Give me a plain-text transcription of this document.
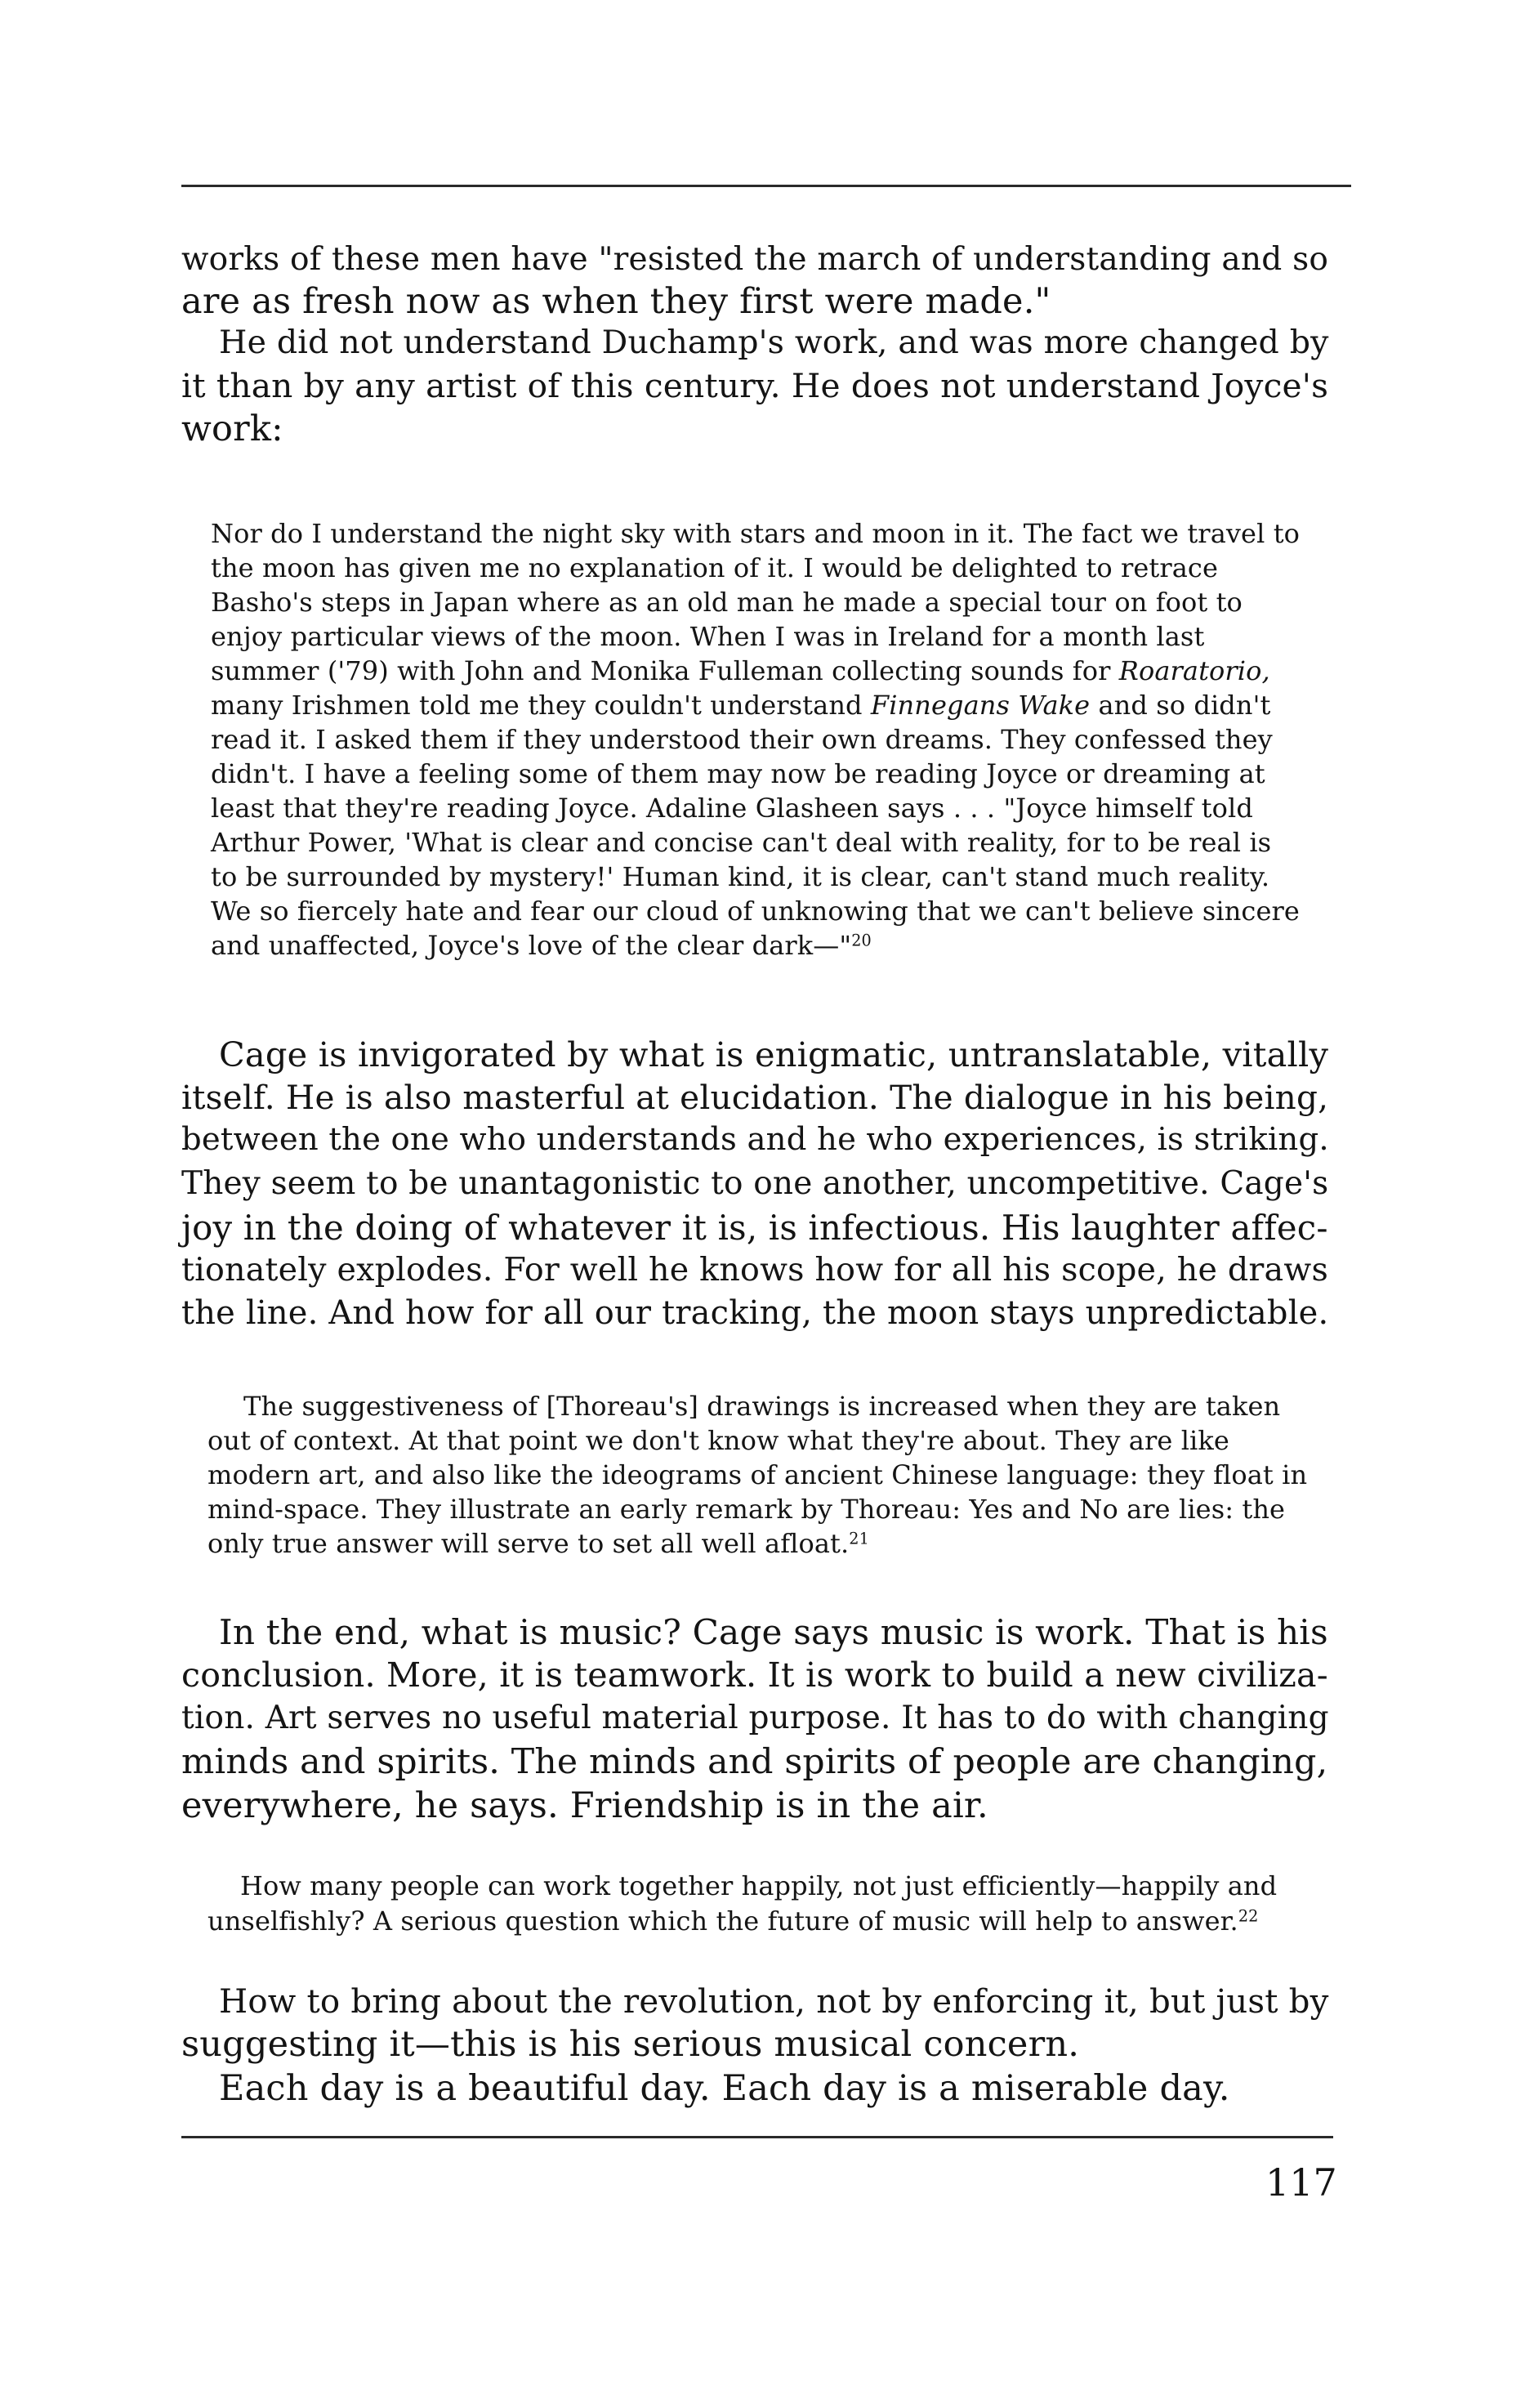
works of these men have "resisted the march of understanding and so
are as fresh now as when they first were made."
He did not understand Duchamp's work, and was more changed by
it than by any artist of this century. He does not understand Joyce's
work:
Nor do I understand the night sky with stars and moon in it. The fact we travel to
the moon has given me no explanation of it. I would be delighted to retrace
Basho's steps in Japan where as an old man he made a special tour on foot to
enjoy particular views of the moon. When I was in Ireland for a month last
summer ('79) with John and Monika Fulleman collecting sounds for Roaratorio,
many Irishmen told me they couldn't understand Finnegans Wake and so didn't
read it. I asked them if they understood their own dreams. They confessed they
didn't. I have a feeling some of them may now be reading Joyce or dreaming at
least that they're reading Joyce. Adaline Glasheen says . . . "Joyce himself told
Arthur Power, 'What is clear and concise can't deal with reality, for to be real is
to be surrounded by mystery!' Human kind, it is clear, can't stand much reality.
We so fiercely hate and fear our cloud of unknowing that we can't believe sincere
and unaffected, Joyce's love of the clear dark—"$^{20}$
Cage is invigorated by what is enigmatic, untranslatable, vitally
itself. He is also masterful at elucidation. The dialogue in his being,
between the one who understands and he who experiences, is striking.
They seem to be unantagonistic to one another, uncompetitive. Cage's
joy in the doing of whatever it is, is infectious. His laughter affec-
tionately explodes. For well he knows how for all his scope, he draws
the line. And how for all our tracking, the moon stays unpredictable.
The suggestiveness of [Thoreau's] drawings is increased when they are taken
out of context. At that point we don't know what they're about. They are like
modern art, and also like the ideograms of ancient Chinese language: they float in
mind-space. They illustrate an early remark by Thoreau: Yes and No are lies: the
only true answer will serve to set all well afloat.$^{21}$
In the end, what is music? Cage says music is work. That is his
conclusion. More, it is teamwork. It is work to build a new civiliza-
tion. Art serves no useful material purpose. It has to do with changing
minds and spirits. The minds and spirits of people are changing,
everywhere, he says. Friendship is in the air.
How many people can work together happily, not just efficiently—happily and
unselfishly? A serious question which the future of music will help to answer.$^{22}$
How to bring about the revolution, not by enforcing it, but just by
suggesting it—this is his serious musical concern.
Each day is a beautiful day. Each day is a miserable day.
117
